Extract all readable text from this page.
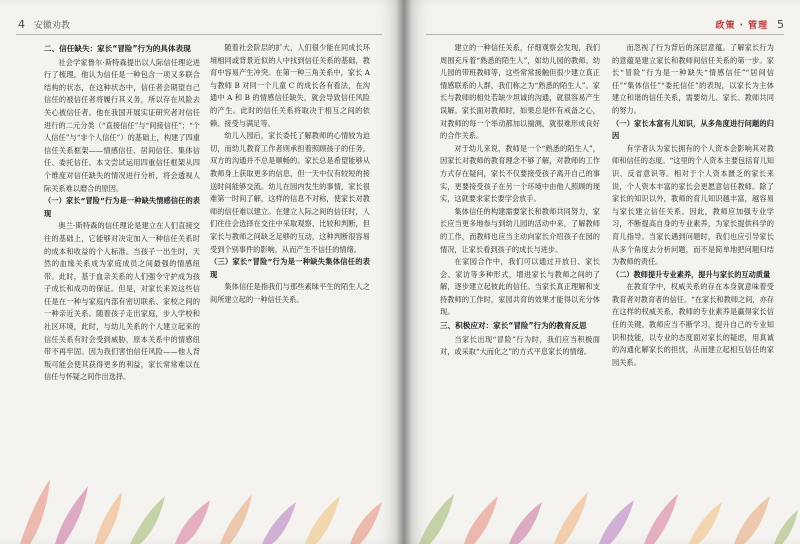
4 安徽劝教

二、信任缺失：家长“冒险”行为的具体表现

社会学家鲁尔·斯特森提出以人际信任理论进行了梳理，他认为信任是一种包含一项又多联合结构的状态，在这种状态中，信任者会期望自己信任的被信任者将履行其义务，所以存在风险去关心被信任者。他在我国开展实证研究者对信任进行的二元分类（“直接信任”与“间接信任”；“个人信任”与“非个人信任”）的基础上，构建了四重信任关系框架——情感信任、居间信任、集体信任、委托信任。本文尝试运用四重信任框架从四个维度对信任缺失的情况进行分析，将会透视人际关系难以磨合的原因。

（一）家长“冒险”行为是一种缺失情感信任的表现

奥兰·斯特森的信任理论是建立在人们直接交往的基础上，它能够对决定加入一种信任关系时的成本和收益的个人标准。当孩子一出生时，天然的血缘关系成为家庭成员之间最强的情感纽带。此时，基于血亲关系的人们强令守护成为孩子成长和成功的保证。但是，对家长来说这些信任是在一种与家庭内部有密切联系、家校之间的一种亲近关系。随着孩子走出家庭，步入学校和社区环境，此时，与幼儿关系的个人建立起来的信任关系有时会受到威胁，原本关系中的情感纽带不再牢固。因为我们害怕信任风险——他人背叛可能会使其获得更多的利益，家长常常难以在信任与怀疑之间作出选择。

随着社会阶层的扩大，人们很少能在同成长环境相同或背景近似的人中找到信任关系的基础，教育中容易产生冲突。在第一种三角关系中，家长 A 与教师 B 对同一个儿童 C 的成长各有看法，在沟通中 A 和 B 的情感信任缺失，就会导致信任风险的产生。此时的信任关系将取决于相互之间的依赖、接受与满足等。

幼儿入园后，家长委托了解教师的心情较为迫切，而幼儿教育工作者则承担着照顾孩子的任务，双方的沟通并不总是顺畅的。家长总是希望能够从教师身上获取更多的信息，但一天中仅有较短的接送时间能够交流。幼儿在园内发生的事情，家长很难第一时间了解，这样的信息不对称，使家长对教师的信任难以建立。在建立人际之间的信任时，人们往往会选择在交往中采取观察、比较和判断，但家长与教师之间缺乏足够的互动，这种判断很容易受到个别事件的影响，从而产生不信任的情绪。

（三）家长“冒险”行为是一种缺失集体信任的表现

集体信任是指我们与那些素昧平生的陌生人之间所建立起的一种信任关系。

政策 · 管理 5

建立的一种信任关系，仔细观察会发现，我们周围充斥着“熟悉的陌生人”，如幼儿园的教师。幼儿园的带班教师等，这些常常接触但很少建立真正情感联系的人群，我们称之为“熟悉的陌生人”。家长与教师的相处若缺少坦诚的沟通，就很容易产生误解。家长面对教师时，如果总是怀有戒备之心，对教师的每一个举动都加以揣测，就很难形成良好的合作关系。

对于幼儿来说，教师是一个“熟悉的陌生人”，因家长对教师的教育理念不够了解，对教师的工作方式存在疑问，家长不仅要接受孩子离开自己的事实，更要接受孩子在另一个环境中由他人照顾的现实，这就要求家长要学会放手。

集体信任的构建需要家长和教师共同努力，家长应当更多地参与到幼儿园的活动中来，了解教师的工作，而教师也应当主动向家长介绍孩子在园的情况，让家长看到孩子的成长与进步。

在家园合作中，我们可以通过开放日、家长会、家访等多种形式，增进家长与教师之间的了解，逐步建立起彼此的信任。当家长真正理解和支持教师的工作时，家园共育的效果才能得以充分体现。

三、积极应对：家长“冒险”行为的教育反思

当家长出现“冒险”行为时，我们应当积极面对，或采取“大而化之”的方式平息家长的情绪。

而忽视了行为背后的深层意蕴。了解家长行为的意蕴是建立家长和教师间信任关系的第一步。家长“冒险”行为是一种缺失“情感信任”“居间信任”“集体信任”“委托信任”的表现，以家长为主体建立和谐的信任关系，需要幼儿、家长、教师共同的努力。

（一）家长本富有儿知识，从多角度进行问题的归因

有学者认为家长拥有的个人资本会影响其对教师和信任的态度。“这里的个人资本主要包括育儿知识、反省意识等。相对于个人资本匮乏的家长来说，个人资本丰富的家长会更愿意信任教师。除了家长的知识以外，教师的育儿知识越丰富，越容易与家长建立信任关系。因此，教师应加强专业学习，不断提高自身的专业素养，为家长提供科学的育儿指导。当家长遇到问题时，我们也应引导家长从多个角度去分析问题，而不是简单地把问题归结为教师的责任。

（二）教师提升专业素养，提升与家长的互动质量

在教育学中，权威关系的存在本身就意味着受教育者对教育者的信任。“在家长和教师之间，亦存在这样的权威关系，教师的专业素养是赢得家长信任的关键。教师应当不断学习，提升自己的专业知识和技能，以专业的态度面对家长的疑虑，用真诚的沟通化解家长的担忧，从而建立起相互信任的家园关系。
